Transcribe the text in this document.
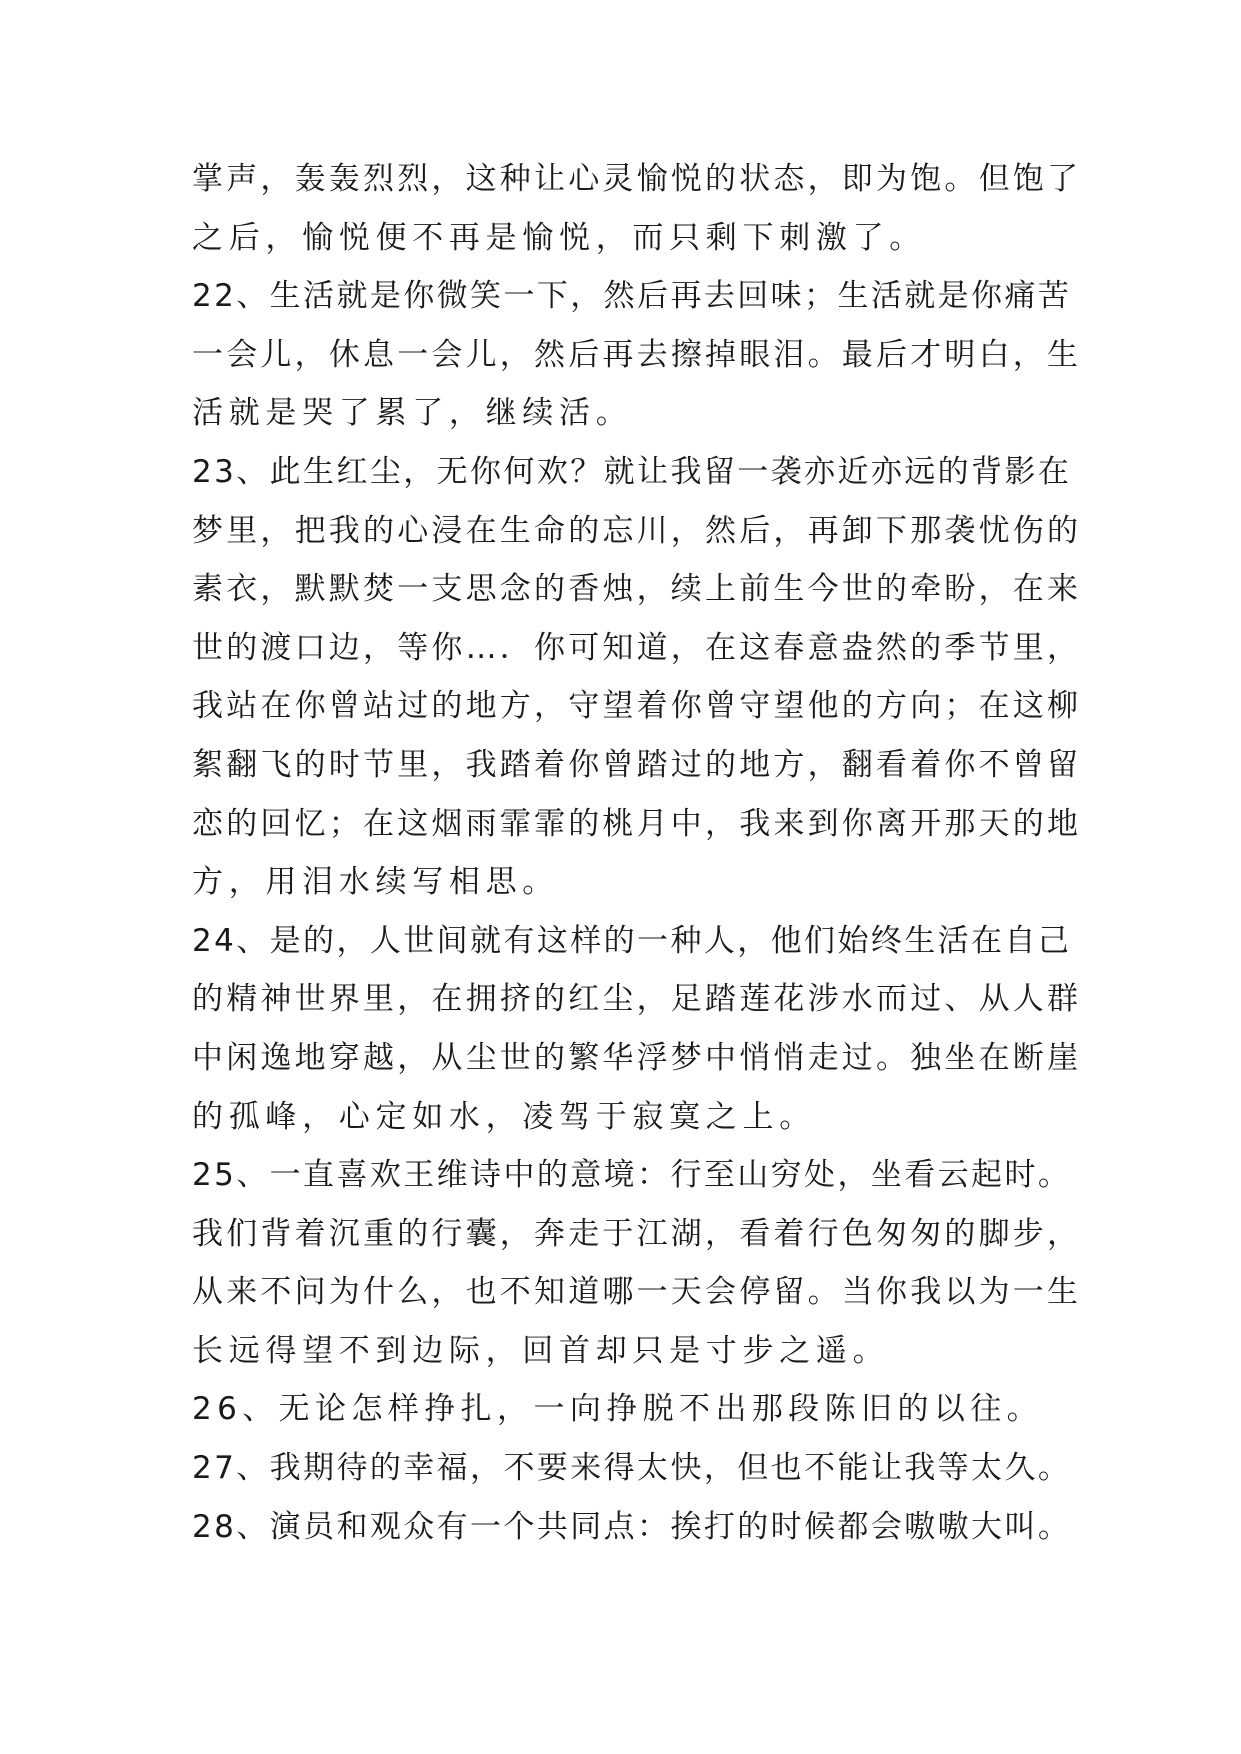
掌声，轰轰烈烈，这种让心灵愉悦的状态，即为饱。但饱了
之后，愉悦便不再是愉悦，而只剩下刺激了。
22、生活就是你微笑一下，然后再去回味；生活就是你痛苦
一会儿，休息一会儿，然后再去擦掉眼泪。最后才明白，生
活就是哭了累了，继续活。
23、此生红尘，无你何欢？就让我留一袭亦近亦远的背影在
梦里，把我的心浸在生命的忘川，然后，再卸下那袭忧伤的
素衣，默默焚一支思念的香烛，续上前生今世的牵盼，在来
世的渡口边，等你…．你可知道，在这春意盎然的季节里，
我站在你曾站过的地方，守望着你曾守望他的方向；在这柳
絮翻飞的时节里，我踏着你曾踏过的地方，翻看着你不曾留
恋的回忆；在这烟雨霏霏的桃月中，我来到你离开那天的地
方，用泪水续写相思。
24、是的，人世间就有这样的一种人，他们始终生活在自己
的精神世界里，在拥挤的红尘，足踏莲花涉水而过、从人群
中闲逸地穿越，从尘世的繁华浮梦中悄悄走过。独坐在断崖
的孤峰，心定如水，凌驾于寂寞之上。
25、一直喜欢王维诗中的意境：行至山穷处，坐看云起时。
我们背着沉重的行囊，奔走于江湖，看着行色匆匆的脚步，
从来不问为什么，也不知道哪一天会停留。当你我以为一生
长远得望不到边际，回首却只是寸步之遥。
26、无论怎样挣扎，一向挣脱不出那段陈旧的以往。
27、我期待的幸福，不要来得太快，但也不能让我等太久。
28、演员和观众有一个共同点：挨打的时候都会嗷嗷大叫。
